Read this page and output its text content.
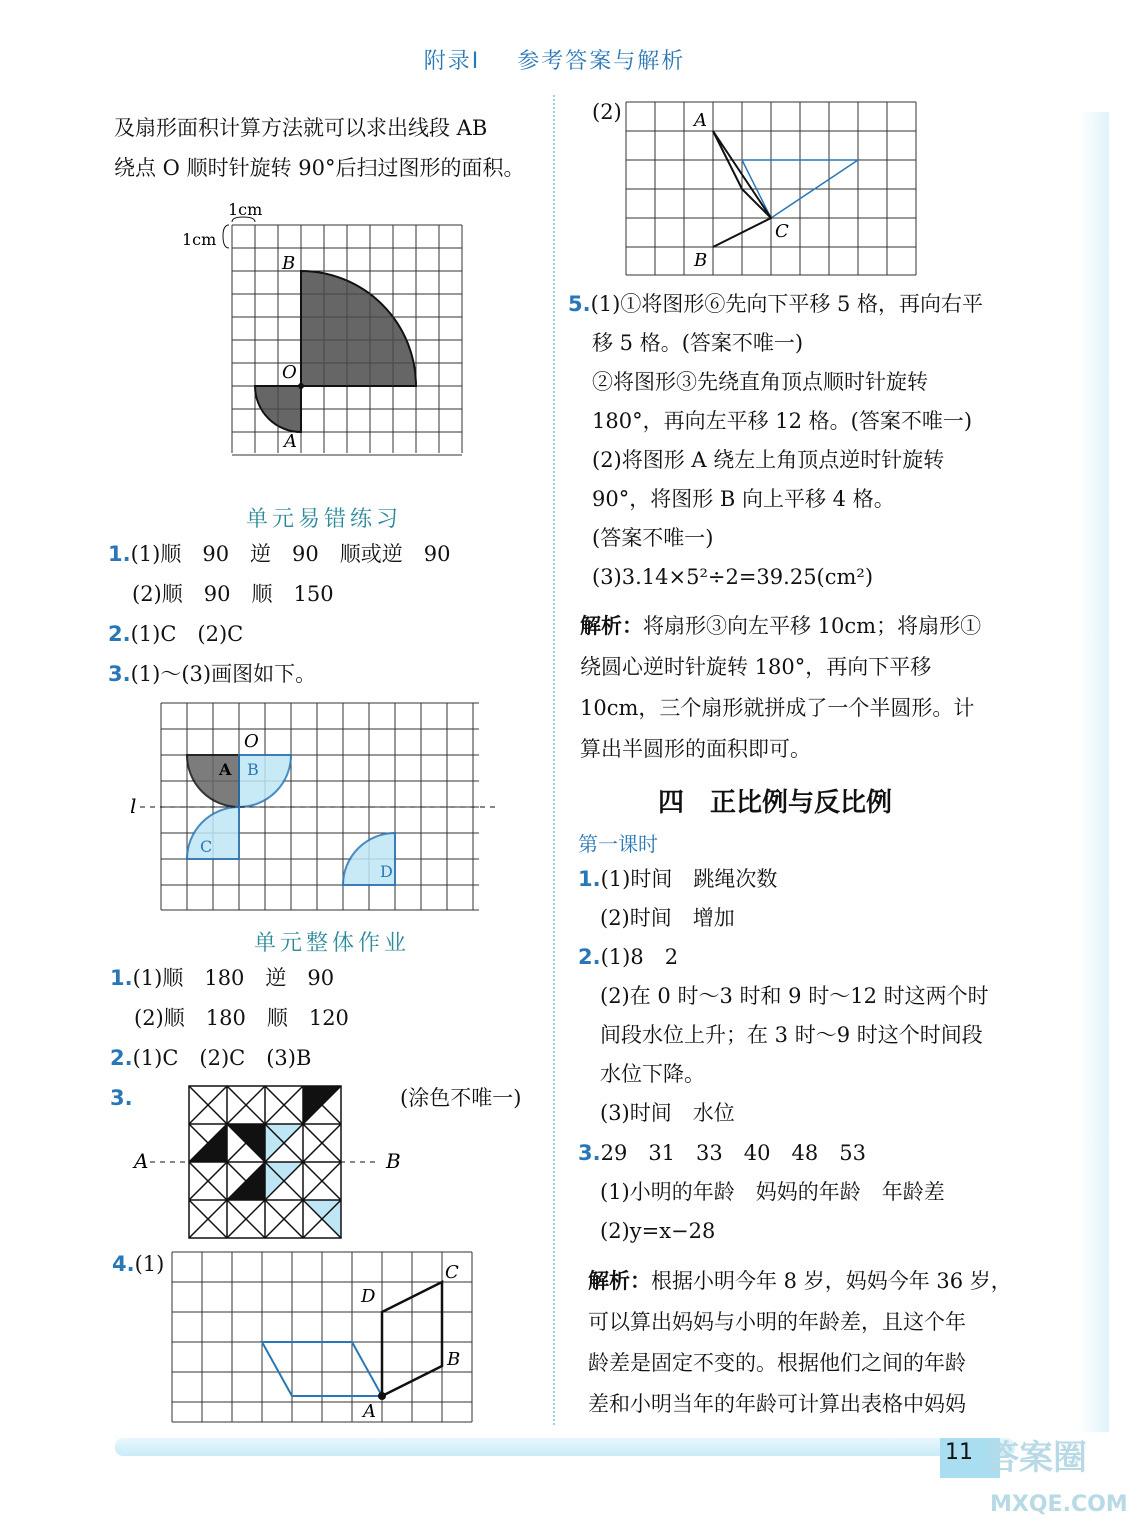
附录Ⅰ 参考答案与解析
及扇形面积计算方法就可以求出线段 AB
绕点 O 顺时针旋转 90°后扫过图形的面积。
1cm
1cm
B
O
A
单元易错练习
1.(1)顺　90　逆　90　顺或逆　90
(2)顺　90　顺　150
2.(1)C　(2)C
3.(1)～(3)画图如下。
l
O
A B
C
D
单元整体作业
1.(1)顺　180　逆　90
(2)顺　180　顺　120
2.(1)C　(2)C　(3)B
3.	(涂色不唯一)
A	B
4.(1)
D
C
B
A
(2)	A
C
B
5.(1)①将图形⑥先向下平移 5 格，再向右平
移 5 格。(答案不唯一)
②将图形③先绕直角顶点顺时针旋转
180°，再向左平移 12 格。(答案不唯一)
(2)将图形 A 绕左上角顶点逆时针旋转
90°，将图形 B 向上平移 4 格。
(答案不唯一)
(3)3.14×5²÷2=39.25(cm²)
解析：将扇形③向左平移 10cm；将扇形①
绕圆心逆时针旋转 180°，再向下平移
10cm，三个扇形就拼成了一个半圆形。计
算出半圆形的面积即可。
四　正比例与反比例
第一课时
1.(1)时间　跳绳次数
(2)时间　增加
2.(1)8　2
(2)在 0 时～3 时和 9 时～12 时这两个时
间段水位上升；在 3 时～9 时这个时间段
水位下降。
(3)时间　水位
3.29　31　33　40　48　53
(1)小明的年龄　妈妈的年龄　年龄差
(2)y=x−28
解析：根据小明今年 8 岁，妈妈今年 36 岁，
可以算出妈妈与小明的年龄差，且这个年
龄差是固定不变的。根据他们之间的年龄
差和小明当年的年龄可计算出表格中妈妈
11 答案圈
MXQE.COM
